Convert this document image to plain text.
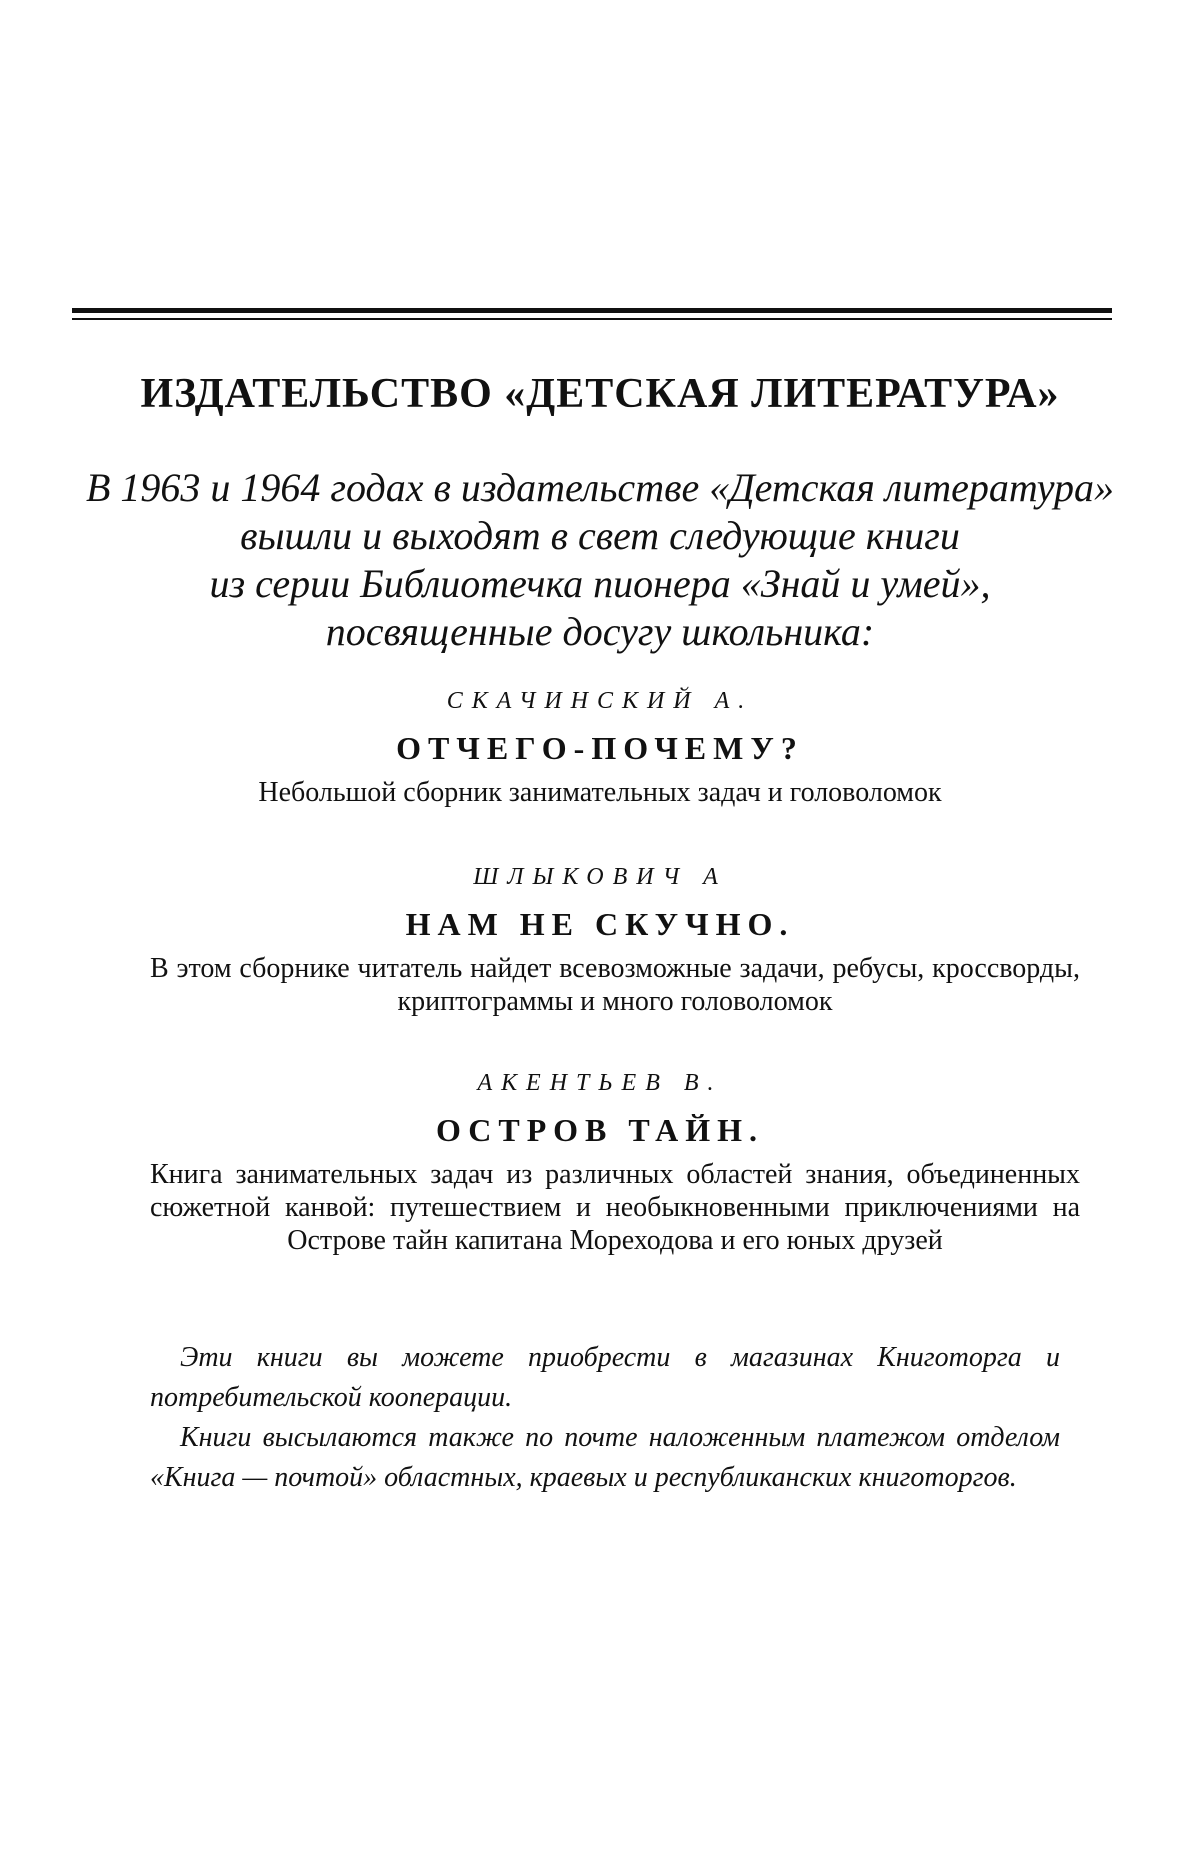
ИЗДАТЕЛЬСТВО «ДЕТСКАЯ ЛИТЕРАТУРА»
В 1963 и 1964 годах в издательстве «Детская литература»
вышли и выходят в свет следующие книги
из серии Библиотечка пионера «Знай и умей»,
посвященные досугу школьника:
СКАЧИНСКИЙ А.
ОТЧЕГО-ПОЧЕМУ?
Небольшой сборник занимательных задач и головоломок
ШЛЫКОВИЧ А
НАМ НЕ СКУЧНО.
В этом сборнике читатель найдет всевозможные задачи, ребусы, кроссворды, криптограммы и много головоломок
АКЕНТЬЕВ В.
ОСТРОВ ТАЙН.
Книга занимательных задач из различных областей знания, объединенных сюжетной канвой: путешествием и необыкновенными приключениями на Острове тайн капитана Мореходова и его юных друзей
Эти книги вы можете приобрести в магазинах Книготорга и потребительской кооперации.
Книги высылаются также по почте наложенным платежом отделом «Книга — почтой» областных, краевых и республиканских книготоргов.
